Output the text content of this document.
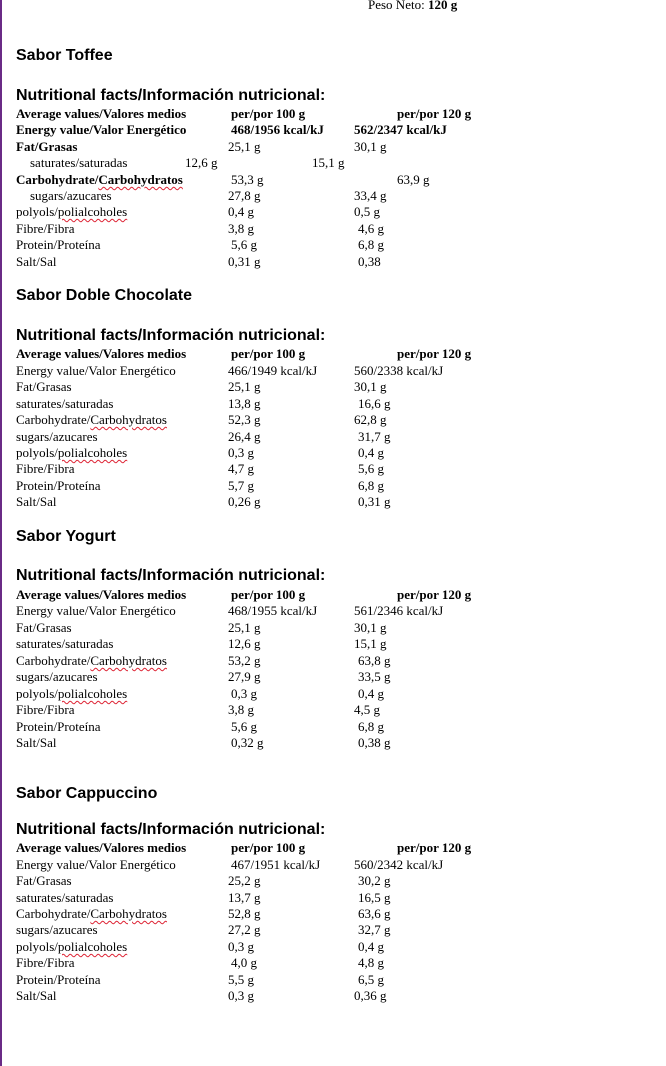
Peso Neto: 120 g
Sabor Toffee
Nutritional facts/Información nutricional:
Average values/Valores medios	per/por 100 g	per/por 120 g
Energy value/Valor Energético	468/1956 kcal/kJ 562/2347 kcal/kJ
Fat/Grasas	25,1 g	30,1 g
saturates/saturadas	12,6 g	15,1 g
Carbohydrate/Carbohydratos	53,3 g	63,9 g
sugars/azucares	27,8 g	33,4 g
polyols/polialcoholes	0,4 g	0,5 g
Fibre/Fibra	3,8 g	4,6 g
Protein/Proteína	5,6 g	6,8 g
Salt/Sal	0,31 g	0,38
Sabor Doble Chocolate
Nutritional facts/Información nutricional:
Average values/Valores medios	per/por 100 g	per/por 120 g
Energy value/Valor Energético	466/1949 kcal/kJ	560/2338 kcal/kJ
Fat/Grasas	25,1 g	30,1 g
saturates/saturadas	13,8 g	16,6 g
Carbohydrate/Carbohydratos	52,3 g	62,8 g
sugars/azucares	26,4 g	31,7 g
polyols/polialcoholes	0,3 g	0,4 g
Fibre/Fibra	4,7 g	5,6 g
Protein/Proteína	5,7 g	6,8 g
Salt/Sal	0,26 g	0,31 g
Sabor Yogurt
Nutritional facts/Información nutricional:
Average values/Valores medios	per/por 100 g	per/por 120 g
Energy value/Valor Energético	468/1955 kcal/kJ	561/2346 kcal/kJ
Fat/Grasas	25,1 g	30,1 g
saturates/saturadas	12,6 g	15,1 g
Carbohydrate/Carbohydratos	53,2 g	63,8 g
sugars/azucares	27,9 g	33,5 g
polyols/polialcoholes	0,3 g	0,4 g
Fibre/Fibra	3,8 g	4,5 g
Protein/Proteína	5,6 g	6,8 g
Salt/Sal	0,32 g	0,38 g
Sabor Cappuccino
Nutritional facts/Información nutricional:
Average values/Valores medios	per/por 100 g	per/por 120 g
Energy value/Valor Energético	467/1951 kcal/kJ	560/2342 kcal/kJ
Fat/Grasas	25,2 g	30,2 g
saturates/saturadas	13,7 g	16,5 g
Carbohydrate/Carbohydratos	52,8 g	63,6 g
sugars/azucares	27,2 g	32,7 g
polyols/polialcoholes	0,3 g	0,4 g
Fibre/Fibra	4,0 g	4,8 g
Protein/Proteína	5,5 g	6,5 g
Salt/Sal	0,3 g	0,36 g
